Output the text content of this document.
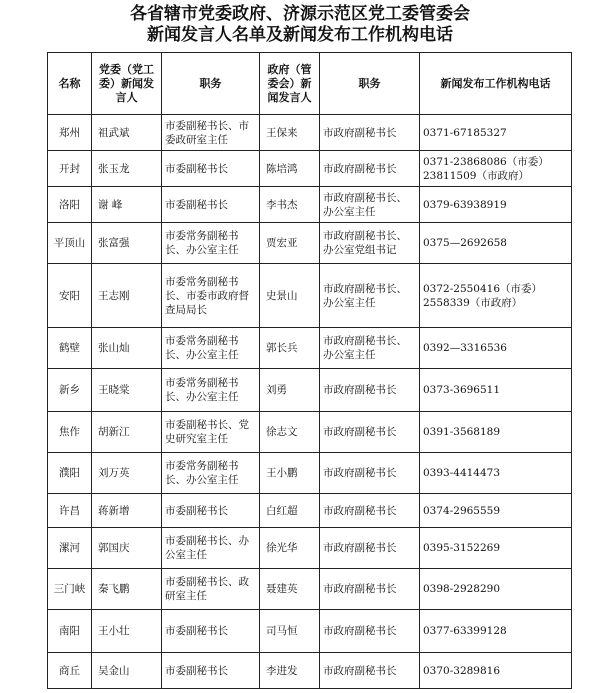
各省辖市党委政府、济源示范区党工委管委会
新闻发言人名单及新闻发布工作机构电话
名称	党委（党工委）新闻发言人	职务	政府（管委会）新闻发言人	职务	新闻发布工作机构电话
郑州	祖武斌	市委副秘书长、市委政研室主任	王保来	市政府副秘书长	0371-67185327
开封	张玉龙	市委副秘书长	陈培鸿	市政府副秘书长	0371-23868086（市委）23811509（市政府）
洛阳	谢 峰	市委副秘书长	李书杰	市政府副秘书长、办公室主任	0379-63938919
平顶山	张富强	市委常务副秘书长、办公室主任	贾宏亚	市政府副秘书长、办公室党组书记	0375—2692658
安阳	王志刚	市委常务副秘书长、市委市政府督查局局长	史景山	市政府副秘书长、办公室主任	0372-2550416（市委）2558339（市政府）
鹤壁	张山灿	市委常务副秘书长、办公室主任	郭长兵	市政府副秘书长、办公室主任	0392—3316536
新乡	王晓棠	市委常务副秘书长、办公室主任	刘勇	市政府副秘书长	0373-3696511
焦作	胡新江	市委副秘书长、党史研究室主任	徐志文	市政府副秘书长	0391-3568189
濮阳	刘万英	市委常务副秘书长、办公室主任	王小鹏	市政府副秘书长	0393-4414473
许昌	蒋新增	市委副秘书长	白红超	市政府副秘书长	0374-2965559
漯河	郭国庆	市委副秘书长、办公室主任	徐光华	市政府副秘书长	0395-3152269
三门峡	秦飞鹏	市委副秘书长、政研室主任	聂建英	市政府副秘书长	0398-2928290
南阳	王小壮	市委副秘书长	司马恒	市政府副秘书长	0377-63399128
商丘	吴金山	市委副秘书长	李进发	市政府副秘书长	0370-3289816
